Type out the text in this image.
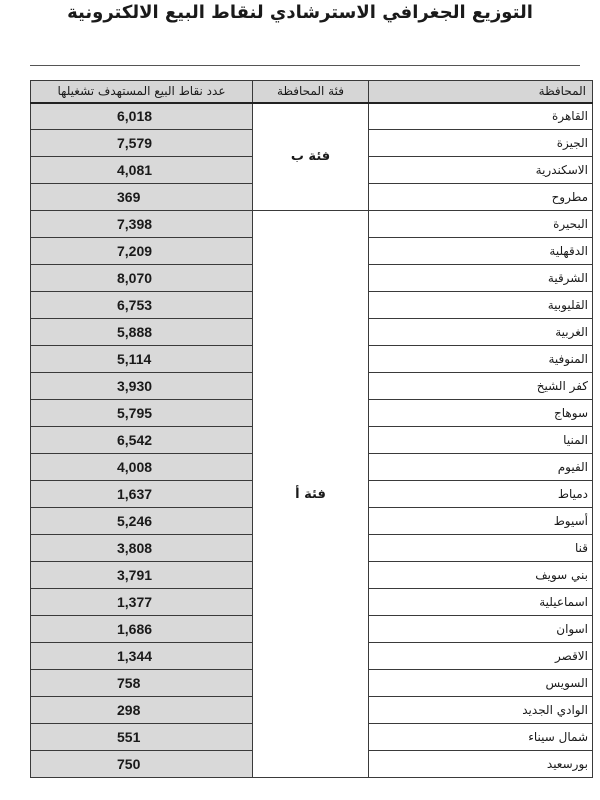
التوزيع الجغرافي الاسترشادي لنقاط البيع الالكترونية
عدد نقاط البيع المستهدف تشغيلها	فئة المحافظة	المحافظة
6,018	فئة ب	القاهرة
7,579		الجيزة
4,081		الاسكندرية
369		مطروح
7,398	فئة أ	البحيرة
7,209		الدقهلية
8,070		الشرقية
6,753		القليوبية
5,888		الغربية
5,114		المنوفية
3,930		كفر الشيخ
5,795		سوهاج
6,542		المنيا
4,008		الفيوم
1,637		دمياط
5,246		أسيوط
3,808		قنا
3,791		بني سويف
1,377		اسماعيلية
1,686		اسوان
1,344		الاقصر
758		السويس
298		الوادي الجديد
551		شمال سيناء
750		بورسعيد
